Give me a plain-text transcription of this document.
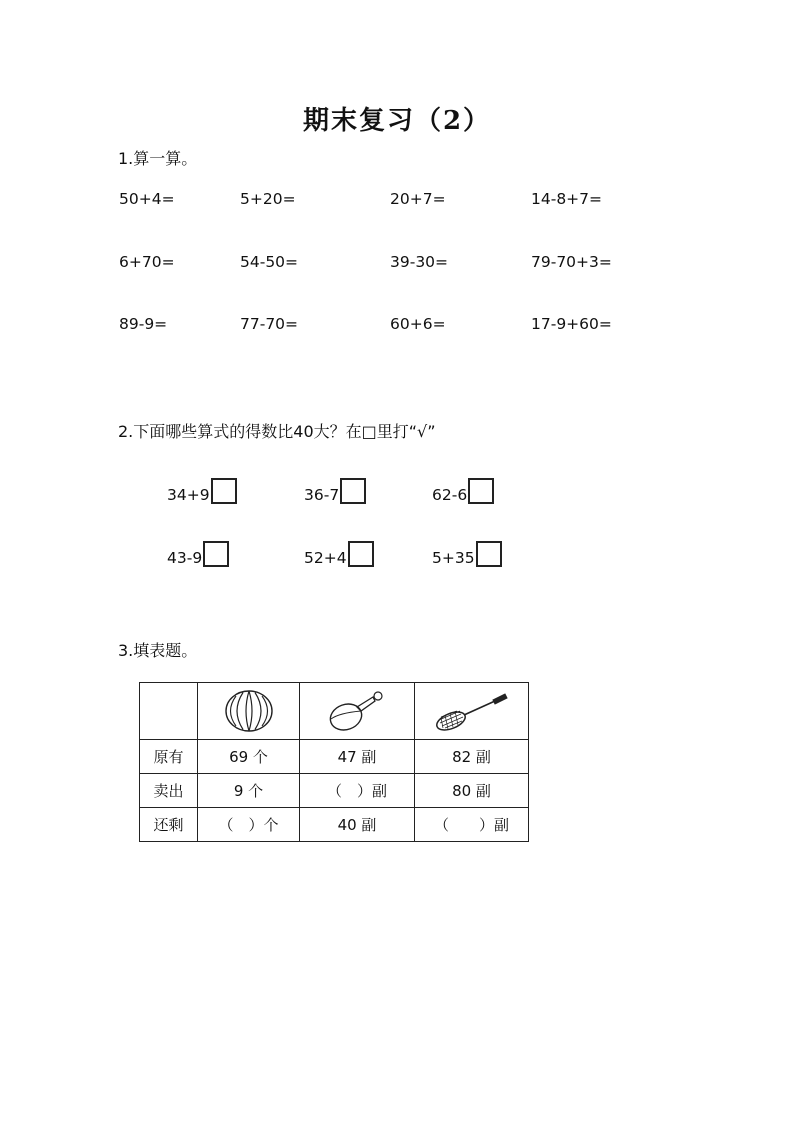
期末复习（2）
1.算一算。
50+4=	5+20=	20+7=	14-8+7=
6+70=	54-50=	39-30=	79-70+3=
89-9=	77-70=	60+6=	17-9+60=
2.下面哪些算式的得数比40大？在□里打“√”
34+9	36-7	62-6
43-9	52+4	5+35
3.填表题。

原有	69 个	47 副	82 副
卖出	9 个	（　）副	80 副
还剩	（　）个	40 副	（　　）副
